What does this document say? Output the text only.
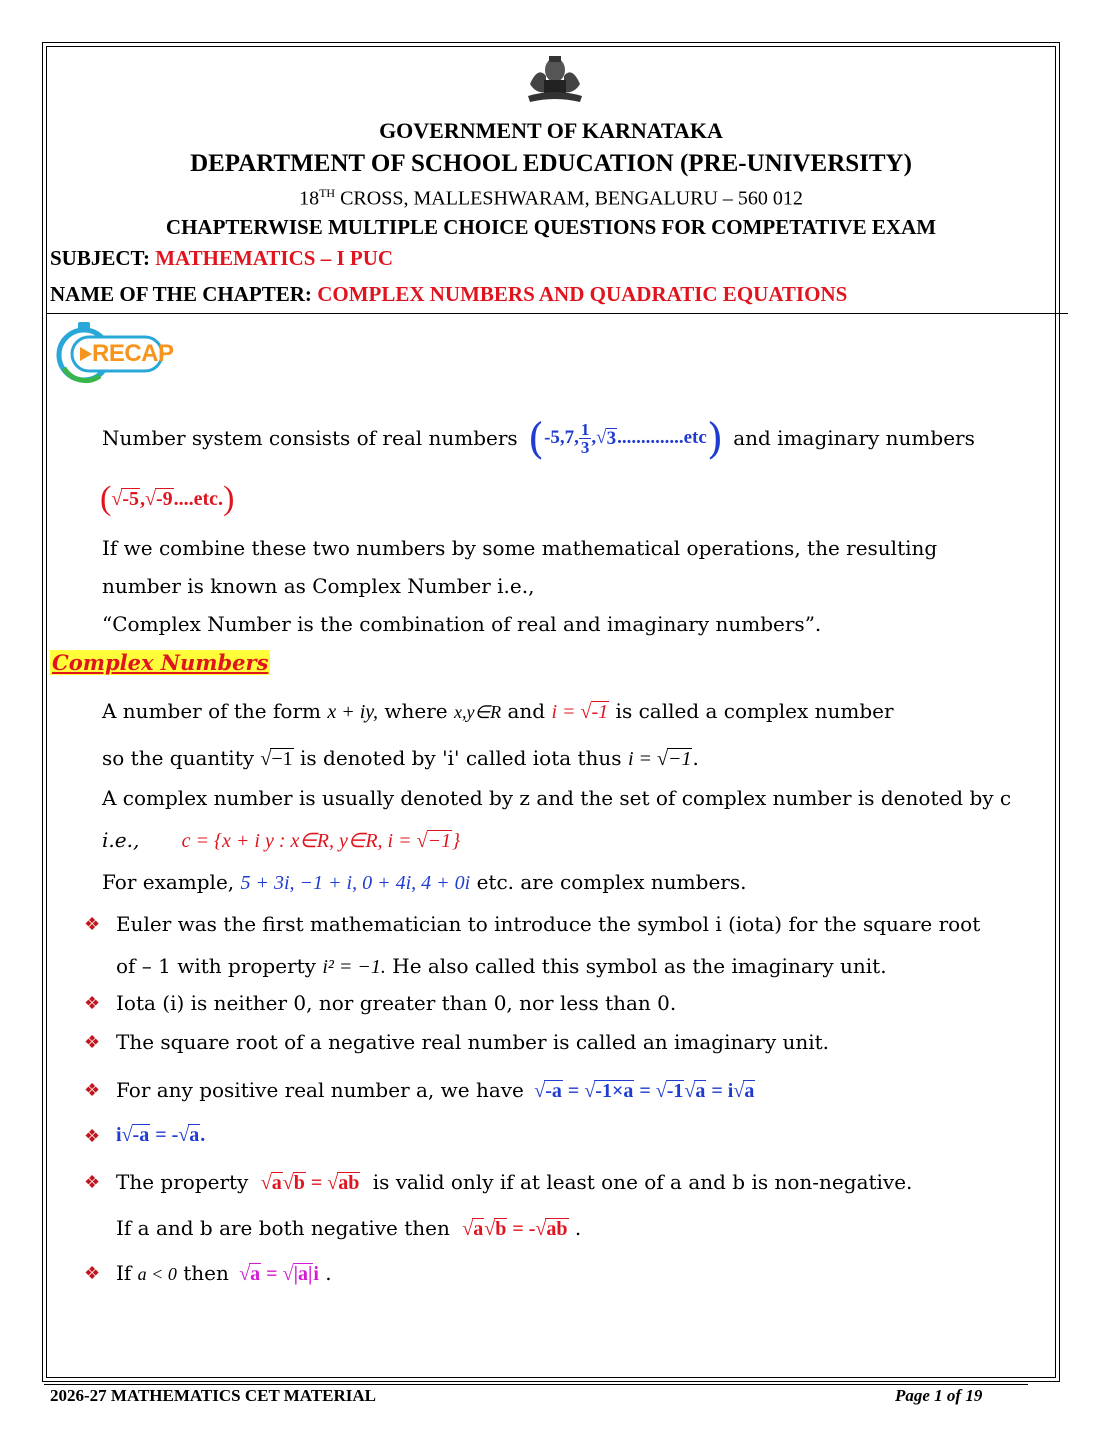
GOVERNMENT OF KARNATAKA
DEPARTMENT OF SCHOOL EDUCATION (PRE-UNIVERSITY)
18TH CROSS, MALLESHWARAM, BENGALURU – 560 012
CHAPTERWISE MULTIPLE CHOICE QUESTIONS FOR COMPETATIVE EXAM
SUBJECT: MATHEMATICS – I PUC
NAME OF THE CHAPTER: COMPLEX NUMBERS AND QUADRATIC EQUATIONS
RECAP
Number system consists of real numbers ( -5,7, $\frac{1}{3}$ , √ 3 ..............etc ) and imaginary numbers
( √ -5 ,√ -9 ....etc. )
If we combine these two numbers by some mathematical operations, the resulting
number is known as Complex Number i.e.,
“Complex Number is the combination of real and imaginary numbers”.
Complex Numbers
A number of the form x + iy, where x,y∈R and i = √-1 is called a complex number
so the quantity √−1 is denoted by 'i' called iota thus i = √−1.
A complex number is usually denoted by z and the set of complex number is denoted by c
i.e., c = {x + i y : x∈R, y∈R, i = √−1}
For example, 5 + 3i, −1 + i, 0 + 4i, 4 + 0i etc. are complex numbers.
❖ Euler was the first mathematician to introduce the symbol i (iota) for the square root
of – 1 with property i² = −1. He also called this symbol as the imaginary unit.
❖ Iota (i) is neither 0, nor greater than 0, nor less than 0.
❖ The square root of a negative real number is called an imaginary unit.
❖ For any positive real number a, we have √-a = √-1×a = √-1√a = i√a
❖ i√-a = -√a.
❖ The property √a√b = √ab is valid only if at least one of a and b is non-negative.
If a and b are both negative then √a√b = -√ab .
❖ If a < 0 then √a = √|a|i .
2026-27 MATHEMATICS CET MATERIAL	Page 1 of 19
